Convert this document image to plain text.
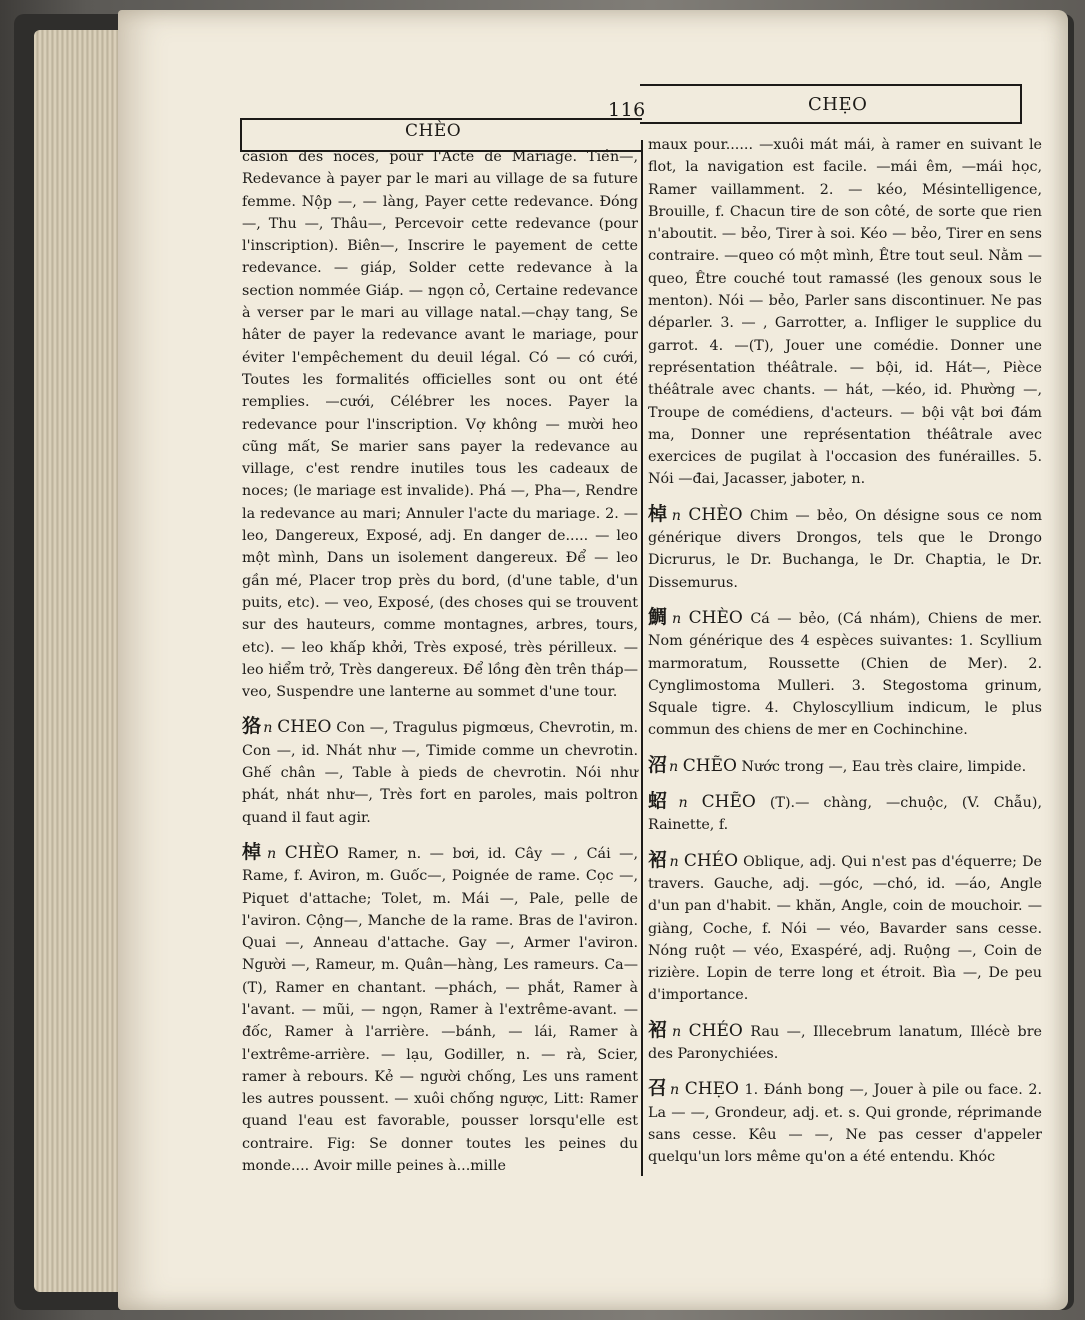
CHÈO
116	CHẸO

casion des noces, pour l'Acte de Mariage. Tiền—, Redevance à payer par le mari au village de sa future femme. Nộp —, — làng, Payer cette redevance. Đóng —, Thu —, Thâu—, Percevoir cette redevance (pour l'inscription). Biên—, Inscrire le payement de cette redevance. — giáp, Solder cette redevance à la section nommée Giáp. — ngọn cỏ, Certaine redevance à verser par le mari au village natal.—chạy tang, Se hâter de payer la redevance avant le mariage, pour éviter l'empêchement du deuil légal. Có — có cưới, Toutes les formalités officielles sont ou ont été remplies. —cưới, Célébrer les noces. Payer la redevance pour l'inscription. Vợ không — mười heo cũng mất, Se marier sans payer la redevance au village, c'est rendre inutiles tous les cadeaux de noces; (le mariage est invalide). Phá —, Pha—, Rendre la redevance au mari; Annuler l'acte du mariage. 2. — leo, Dangereux, Exposé, adj. En danger de..... — leo một mình, Dans un isolement dangereux. Để — leo gần mé, Placer trop près du bord, (d'une table, d'un puits, etc). — veo, Exposé, (des choses qui se trouvent sur des hauteurs, comme montagnes, arbres, tours, etc). — leo khấp khởi, Très exposé, très périlleux. —leo hiểm trở, Très dangereux. Để lồng đèn trên tháp— veo, Suspendre une lanterne au sommet d'une tour.

狢 n CHEO Con —, Tragulus pigmœus, Chevrotin, m. Con —, id. Nhát như —, Timide comme un chevrotin. Ghế chân —, Table à pieds de chevrotin. Nói như phát, nhát như—, Très fort en paroles, mais poltron quand il faut agir.

棹 n CHÈO Ramer, n. — bơi, id. Cây — , Cái —, Rame, f. Aviron, m. Guốc—, Poignée de rame. Cọc —, Piquet d'attache; Tolet, m. Mái —, Pale, pelle de l'aviron. Cộng—, Manche de la rame. Bras de l'aviron. Quai —, Anneau d'attache. Gay —, Armer l'aviron. Người —, Rameur, m. Quân—hàng, Les rameurs. Ca—(T), Ramer en chantant. —phách, — phắt, Ramer à l'avant. — mũi, — ngọn, Ramer à l'extrême-avant. — đốc, Ramer à l'arrière. —bánh, — lái, Ramer à l'extrême-arrière. — lạu, Godiller, n. — rà, Scier, ramer à rebours. Kẻ — người chống, Les uns rament les autres poussent. — xuôi chống ngược, Litt: Ramer quand l'eau est favorable, pousser lorsqu'elle est contraire. Fig: Se donner toutes les peines du monde.... Avoir mille peines à...mille

maux pour...... —xuôi mát mái, à ramer en suivant le flot, la navigation est facile. —mái êm, —mái học, Ramer vaillamment. 2. — kéo, Mésintelligence, Brouille, f. Chacun tire de son côté, de sorte que rien n'aboutit. — bẻo, Tirer à soi. Kéo — bẻo, Tirer en sens contraire. —queo có một mình, Être tout seul. Nằm — queo, Être couché tout ramassé (les genoux sous le menton). Nói — bẻo, Parler sans discontinuer. Ne pas déparler. 3. — , Garrotter, a. Infliger le supplice du garrot. 4. —(T), Jouer une comédie. Donner une représentation théâtrale. — bội, id. Hát—, Pièce théâtrale avec chants. — hát, —kéo, id. Phường —, Troupe de comédiens, d'acteurs. — bội vật bơi đám ma, Donner une représentation théâtrale avec exercices de pugilat à l'occasion des funérailles. 5. Nói —đai, Jacasser, jaboter, n.

棹 n CHÈO Chim — bẻo, On désigne sous ce nom générique divers Drongos, tels que le Drongo Dicrurus, le Dr. Buchanga, le Dr. Chaptia, le Dr. Dissemurus.

鯛 n CHÈO Cá — bẻo, (Cá nhám), Chiens de mer. Nom générique des 4 espèces suivantes: 1. Scyllium marmoratum, Roussette (Chien de Mer). 2. Cynglimostoma Mulleri. 3. Stegostoma grinum, Squale tigre. 4. Chyloscyllium indicum, le plus commun des chiens de mer en Cochinchine.

沼 n CHẼO Nước trong —, Eau très claire, limpide.

蛁 n CHẼO (T).— chàng, —chuộc, (V. Chẫu), Rainette, f.

袑 n CHÉO Oblique, adj. Qui n'est pas d'équerre; De travers. Gauche, adj. —góc, —chó, id. —áo, Angle d'un pan d'habit. — khăn, Angle, coin de mouchoir. —giàng, Coche, f. Nói — véo, Bavarder sans cesse. Nóng ruột — véo, Exaspéré, adj. Ruộng —, Coin de rizière. Lopin de terre long et étroit. Bìa —, De peu d'importance.

袑 n CHÉO Rau —, Illecebrum lanatum, Illécè bre des Paronychiées.

召 n CHẸO 1. Đánh bong —, Jouer à pile ou face. 2. La — —, Grondeur, adj. et. s. Qui gronde, réprimande sans cesse. Kêu — —, Ne pas cesser d'appeler quelqu'un lors même qu'on a été entendu. Khóc
